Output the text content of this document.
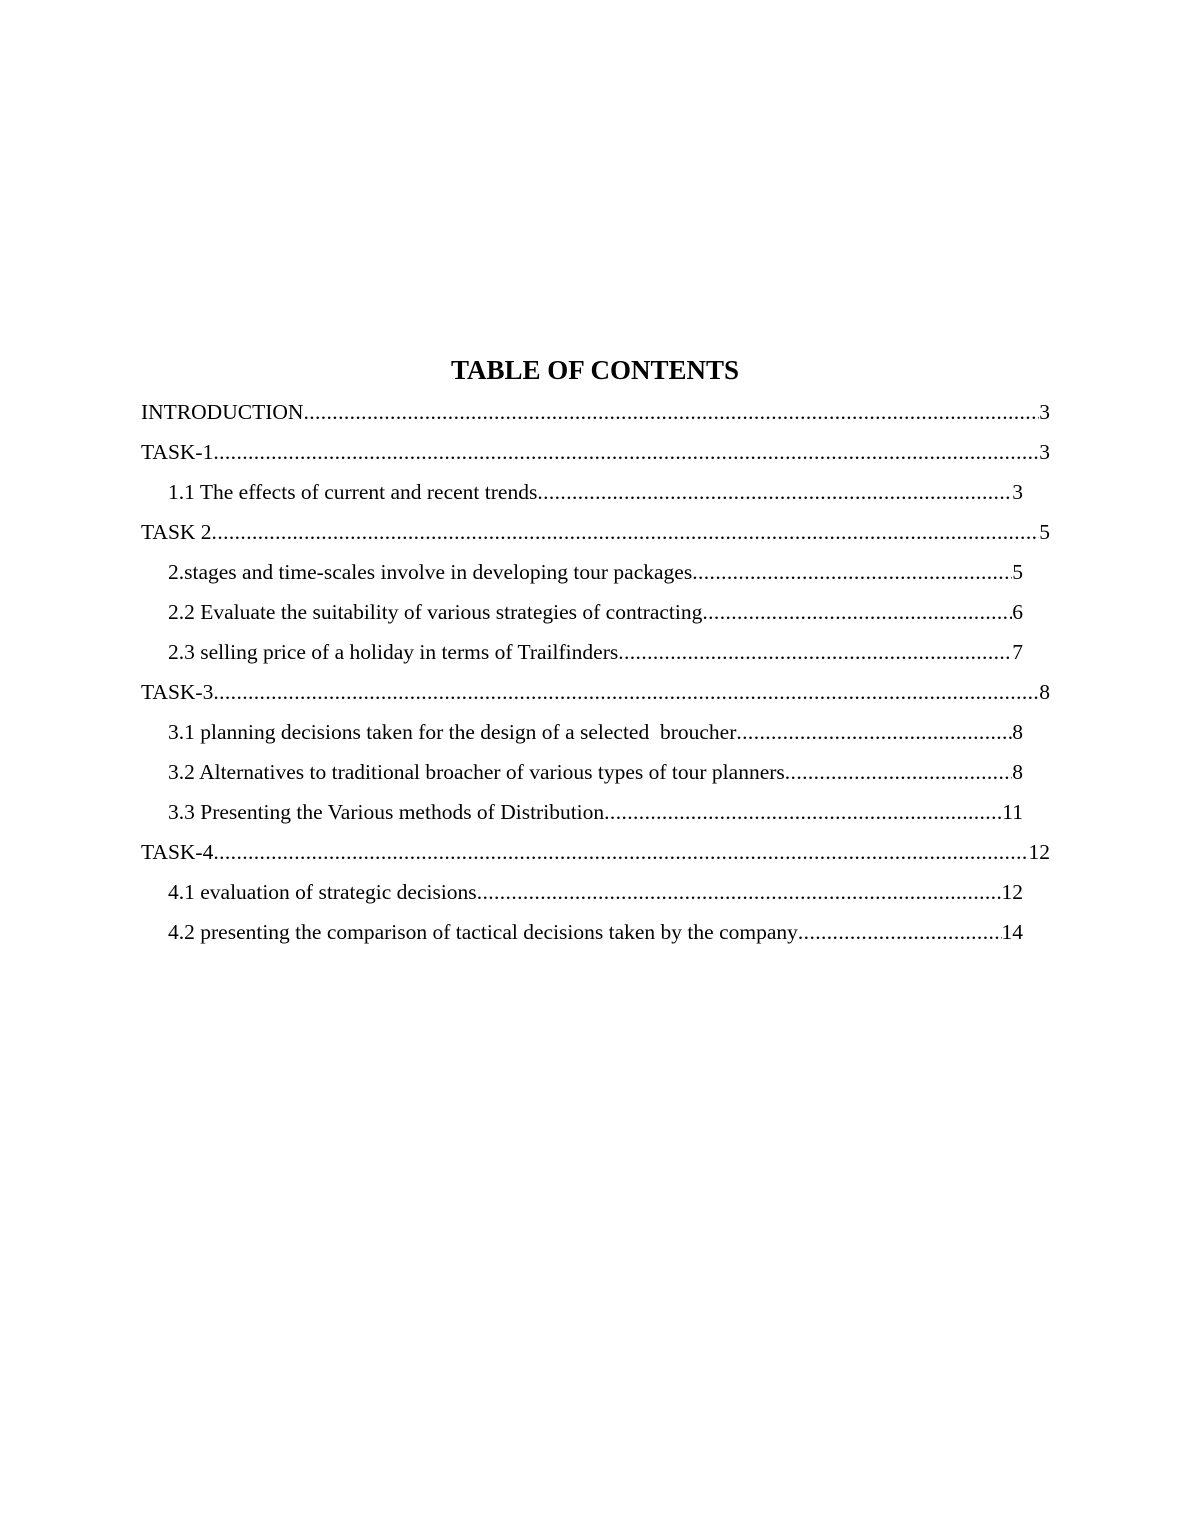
TABLE OF CONTENTS
INTRODUCTION .....	3
TASK-1 .....	3
1.1 The effects of current and recent trends .....	3
TASK 2 .....	5
2.stages and time-scales involve in developing tour packages .....	5
2.2 Evaluate the suitability of various strategies of contracting .....	6
2.3 selling price of a holiday in terms of Trailfinders .....	7
TASK-3 .....	8
3.1 planning decisions taken for the design of a selected  broucher .....	8
3.2 Alternatives to traditional broacher of various types of tour planners .....	8
3.3 Presenting the Various methods of Distribution .....	11
TASK-4 .....	12
4.1 evaluation of strategic decisions .....	12
4.2 presenting the comparison of tactical decisions taken by the company .....	14
